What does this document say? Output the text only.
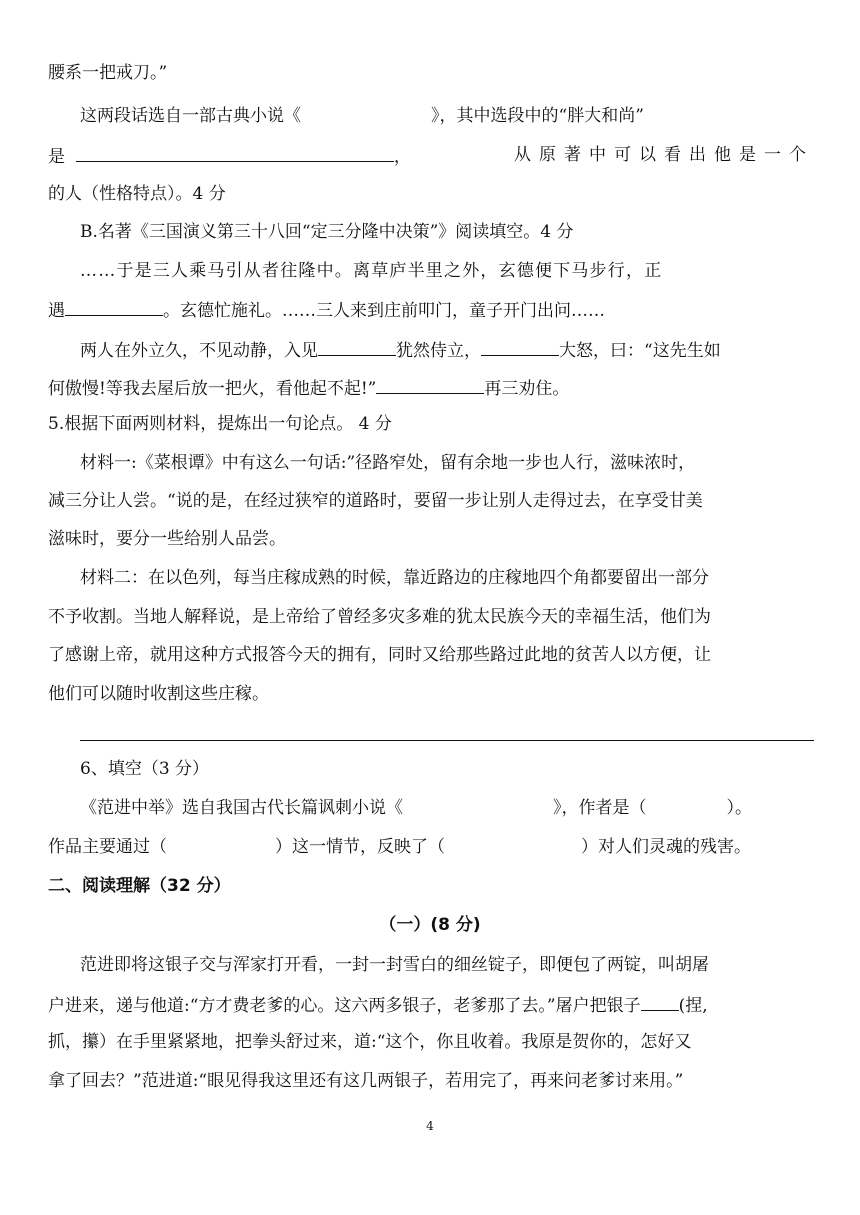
腰系一把戒刀。”
这两段话选自一部古典小说《	》，其中选段中的“胖大和尚”
是	，	从原著中可以看出他是一个
的人（性格特点）。4 分
B.名著《三国演义第三十八回“定三分隆中决策”》阅读填空。4 分
……于是三人乘马引从者往隆中。离草庐半里之外，玄德便下马步行，正
遇	。玄德忙施礼。……三人来到庄前叩门，童子开门出问……
两人在外立久，不见动静，入见	犹然侍立，	大怒，曰：“这先生如
何傲慢!等我去屋后放一把火，看他起不起!”	再三劝住。
5.根据下面两则材料，提炼出一句论点。 4 分
材料一:《菜根谭》中有这么一句话:”径路窄处，留有余地一步也人行，滋味浓时，
减三分让人尝。“说的是，在经过狭窄的道路时，要留一步让别人走得过去，在享受甘美
滋味时，要分一些给别人品尝。
材料二：在以色列，每当庄稼成熟的时候，靠近路边的庄稼地四个角都要留出一部分
不予收割。当地人解释说，是上帝给了曾经多灾多难的犹太民族今天的幸福生活，他们为
了感谢上帝，就用这种方式报答今天的拥有，同时又给那些路过此地的贫苦人以方便，让
他们可以随时收割这些庄稼。
6、填空（3 分）
《范进中举》选自我国古代长篇讽刺小说《	》，作者是（	）。
作品主要通过（	）这一情节，反映了（	）对人们灵魂的残害。
二、阅读理解（32 分）
（一）(8 分)
范进即将这银子交与浑家打开看，一封一封雪白的细丝锭子，即便包了两锭，叫胡屠
户进来，递与他道:“方才费老爹的心。这六两多银子，老爹那了去。”屠户把银子 (捏,
抓，攥）在手里紧紧地，把拳头舒过来，道:“这个，你且收着。我原是贺你的，怎好又
拿了回去？”范进道:“眼见得我这里还有这几两银子，若用完了，再来问老爹讨来用。”
4
